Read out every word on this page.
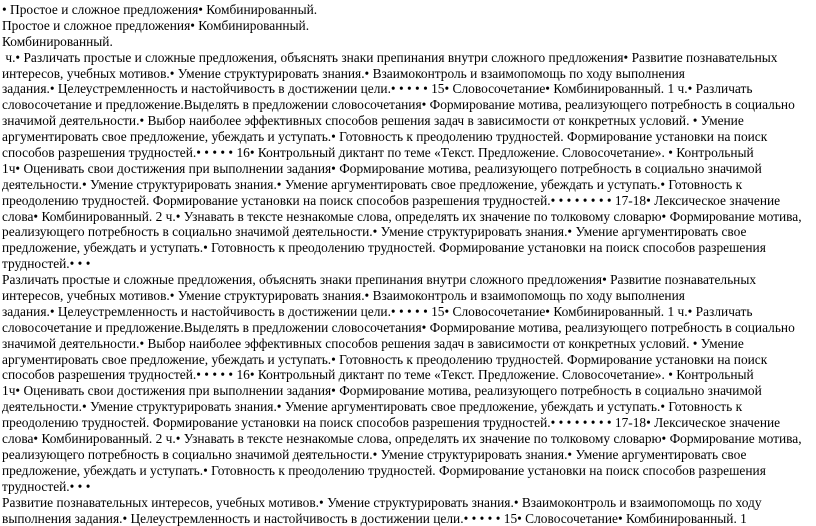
• Простое и сложное предложения• Комбинированный.
Простое и сложное предложения• Комбинированный.
Комбинированный.
ч.• Различать простые и сложные предложения, объяснять знаки препинания внутри сложного предложения• Развитие познавательных
интересов, учебных мотивов.• Умение структурировать знания.• Взаимоконтроль и взаимопомощь по ходу выполнения
задания.• Целеустремленность и настойчивость в достижении цели.• • • • • 15• Словосочетание• Комбинированный. 1 ч.• Различать
словосочетание и предложение.Выделять в предложении словосочетания• Формирование мотива, реализующего потребность в социально
значимой деятельности.• Выбор наиболее эффективных способов решения задач в зависимости от конкретных условий. • Умение
аргументировать свое предложение, убеждать и уступать.• Готовность к преодолению трудностей. Формирование установки на поиск
способов разрешения трудностей.• • • • • 16• Контрольный диктант по теме «Текст. Предложение. Словосочетание». • Контрольный
1ч• Оценивать свои достижения при выполнении задания• Формирование мотива, реализующего потребность в социально значимой
деятельности.• Умение структурировать знания.• Умение аргументировать свое предложение, убеждать и уступать.• Готовность к
преодолению трудностей. Формирование установки на поиск способов разрешения трудностей.• • • • • • • • 17-18• Лексическое значение
слова• Комбинированный. 2 ч.• Узнавать в тексте незнакомые слова, определять их значение по толковому словарю• Формирование мотива,
реализующего потребность в социально значимой деятельности.• Умение структурировать знания.• Умение аргументировать свое
предложение, убеждать и уступать.• Готовность к преодолению трудностей. Формирование установки на поиск способов разрешения
трудностей.• • •
Различать простые и сложные предложения, объяснять знаки препинания внутри сложного предложения• Развитие познавательных
интересов, учебных мотивов.• Умение структурировать знания.• Взаимоконтроль и взаимопомощь по ходу выполнения
задания.• Целеустремленность и настойчивость в достижении цели.• • • • • 15• Словосочетание• Комбинированный. 1 ч.• Различать
словосочетание и предложение.Выделять в предложении словосочетания• Формирование мотива, реализующего потребность в социально
значимой деятельности.• Выбор наиболее эффективных способов решения задач в зависимости от конкретных условий. • Умение
аргументировать свое предложение, убеждать и уступать.• Готовность к преодолению трудностей. Формирование установки на поиск
способов разрешения трудностей.• • • • • 16• Контрольный диктант по теме «Текст. Предложение. Словосочетание». • Контрольный
1ч• Оценивать свои достижения при выполнении задания• Формирование мотива, реализующего потребность в социально значимой
деятельности.• Умение структурировать знания.• Умение аргументировать свое предложение, убеждать и уступать.• Готовность к
преодолению трудностей. Формирование установки на поиск способов разрешения трудностей.• • • • • • • • 17-18• Лексическое значение
слова• Комбинированный. 2 ч.• Узнавать в тексте незнакомые слова, определять их значение по толковому словарю• Формирование мотива,
реализующего потребность в социально значимой деятельности.• Умение структурировать знания.• Умение аргументировать свое
предложение, убеждать и уступать.• Готовность к преодолению трудностей. Формирование установки на поиск способов разрешения
трудностей.• • •
Развитие познавательных интересов, учебных мотивов.• Умение структурировать знания.• Взаимоконтроль и взаимопомощь по ходу
выполнения задания.• Целеустремленность и настойчивость в достижении цели.• • • • • 15• Словосочетание• Комбинированный. 1
